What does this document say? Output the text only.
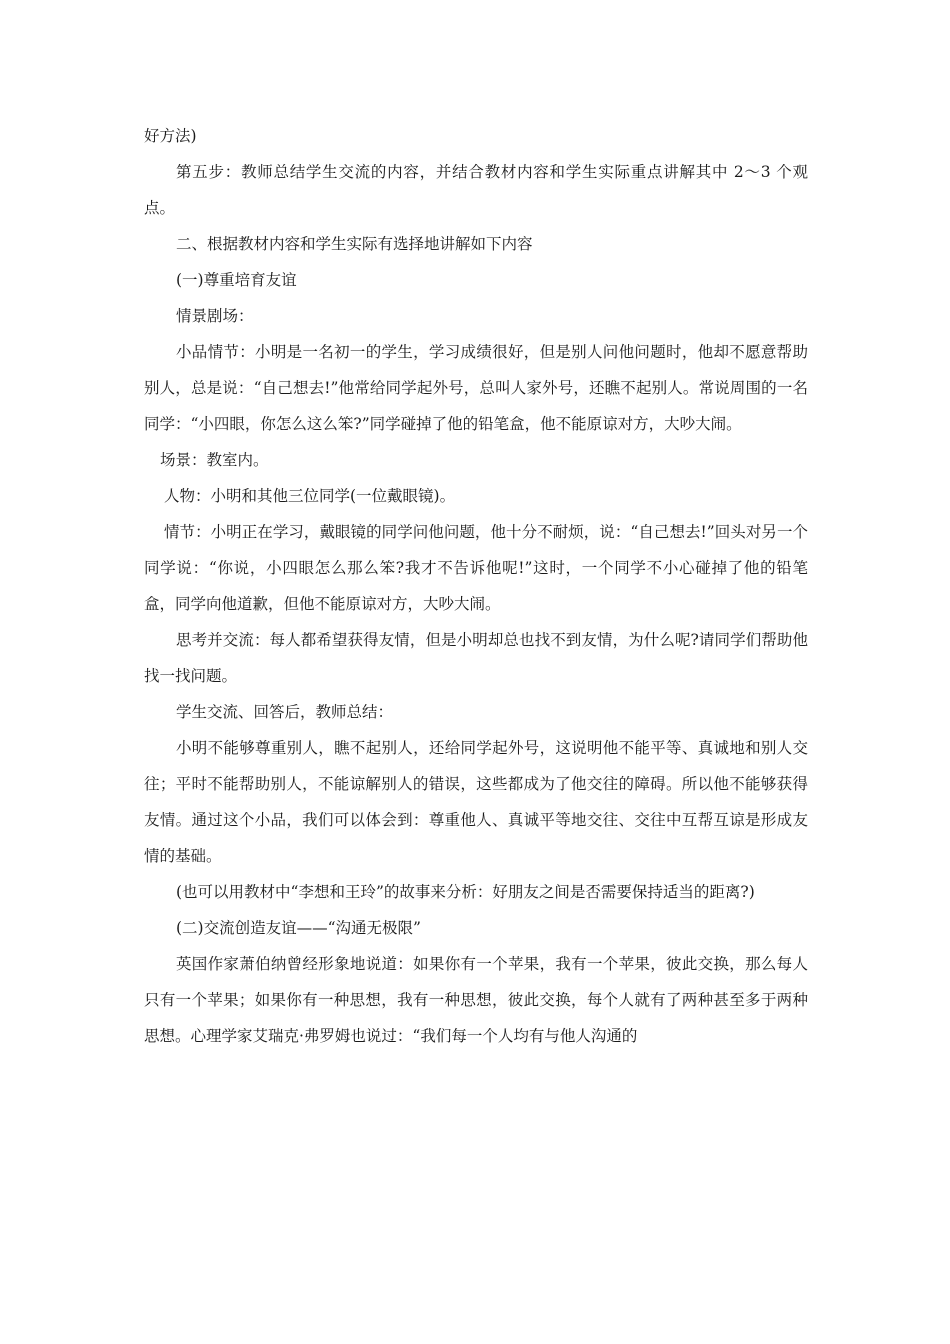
好方法)

第五步：教师总结学生交流的内容，并结合教材内容和学生实际重点讲解其中 2～3 个观点。

二、根据教材内容和学生实际有选择地讲解如下内容

(一)尊重培育友谊

情景剧场：

小品情节：小明是一名初一的学生，学习成绩很好，但是别人问他问题时，他却不愿意帮助别人，总是说：“自己想去!”他常给同学起外号，总叫人家外号，还瞧不起别人。常说周围的一名同学：“小四眼，你怎么这么笨?”同学碰掉了他的铅笔盒，他不能原谅对方，大吵大闹。

场景：教室内。

人物：小明和其他三位同学(一位戴眼镜)。

情节：小明正在学习，戴眼镜的同学问他问题，他十分不耐烦，说：“自己想去!”回头对另一个同学说：“你说，小四眼怎么那么笨?我才不告诉他呢!”这时，一个同学不小心碰掉了他的铅笔盒，同学向他道歉，但他不能原谅对方，大吵大闹。

思考并交流：每人都希望获得友情，但是小明却总也找不到友情，为什么呢?请同学们帮助他找一找问题。

学生交流、回答后，教师总结：

小明不能够尊重别人，瞧不起别人，还给同学起外号，这说明他不能平等、真诚地和别人交往；平时不能帮助别人，不能谅解别人的错误，这些都成为了他交往的障碍。所以他不能够获得友情。通过这个小品，我们可以体会到：尊重他人、真诚平等地交往、交往中互帮互谅是形成友情的基础。

(也可以用教材中“李想和王玲”的故事来分析：好朋友之间是否需要保持适当的距离?)

(二)交流创造友谊——“沟通无极限”

英国作家萧伯纳曾经形象地说道：如果你有一个苹果，我有一个苹果，彼此交换，那么每人只有一个苹果；如果你有一种思想，我有一种思想，彼此交换，每个人就有了两种甚至多于两种思想。心理学家艾瑞克·弗罗姆也说过：“我们每一个人均有与他人沟通的
